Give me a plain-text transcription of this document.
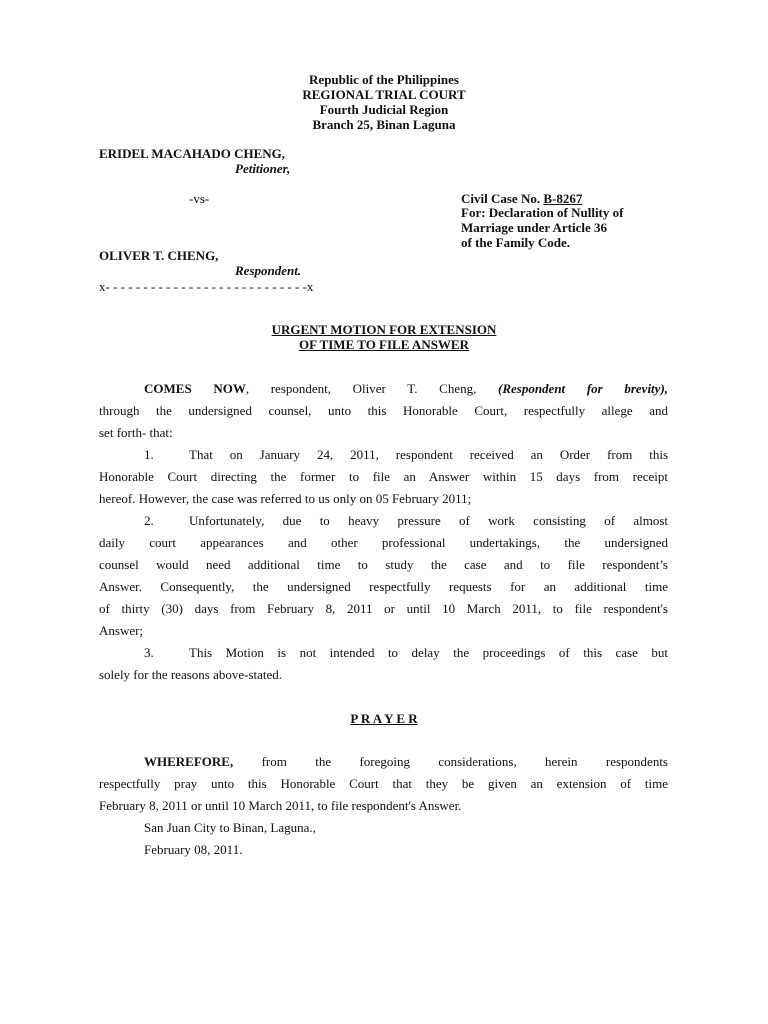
Republic of the Philippines
REGIONAL TRIAL COURT
Fourth Judicial Region
Branch 25, Binan Laguna
ERIDEL MACAHADO CHENG,
Petitioner,
-vs-
OLIVER T. CHENG,
Respondent.
x- - - - - - - - - - - - - - - - - - - - - - - - - - -x
Civil Case No. B-8267
For: Declaration of Nullity of
Marriage under Article 36
of the Family Code.
URGENT MOTION FOR EXTENSION
OF TIME TO FILE ANSWER
COMES NOW, respondent, Oliver T. Cheng, (Respondent for brevity),
through the undersigned counsel, unto this Honorable Court, respectfully allege and
set forth- that:
1.	That on January 24, 2011, respondent received an Order from this
Honorable Court directing the former to file an Answer within 15 days from receipt
hereof. However, the case was referred to us only on 05 February 2011;
2.	Unfortunately, due to heavy pressure of work consisting of almost
daily court appearances and other professional undertakings, the undersigned
counsel would need additional time to study the case and to file respondent’s
Answer. Consequently, the undersigned respectfully requests for an additional time
of thirty (30) days from February 8, 2011 or until 10 March 2011, to file respondent's
Answer;
3.	This Motion is not intended to delay the proceedings of this case but
solely for the reasons above-stated.
P R A Y E R
WHEREFORE, from the foregoing considerations, herein respondents
respectfully pray unto this Honorable Court that they be given an extension of time
February 8, 2011 or until 10 March 2011, to file respondent's Answer.
San Juan City to Binan, Laguna.,
February 08, 2011.
